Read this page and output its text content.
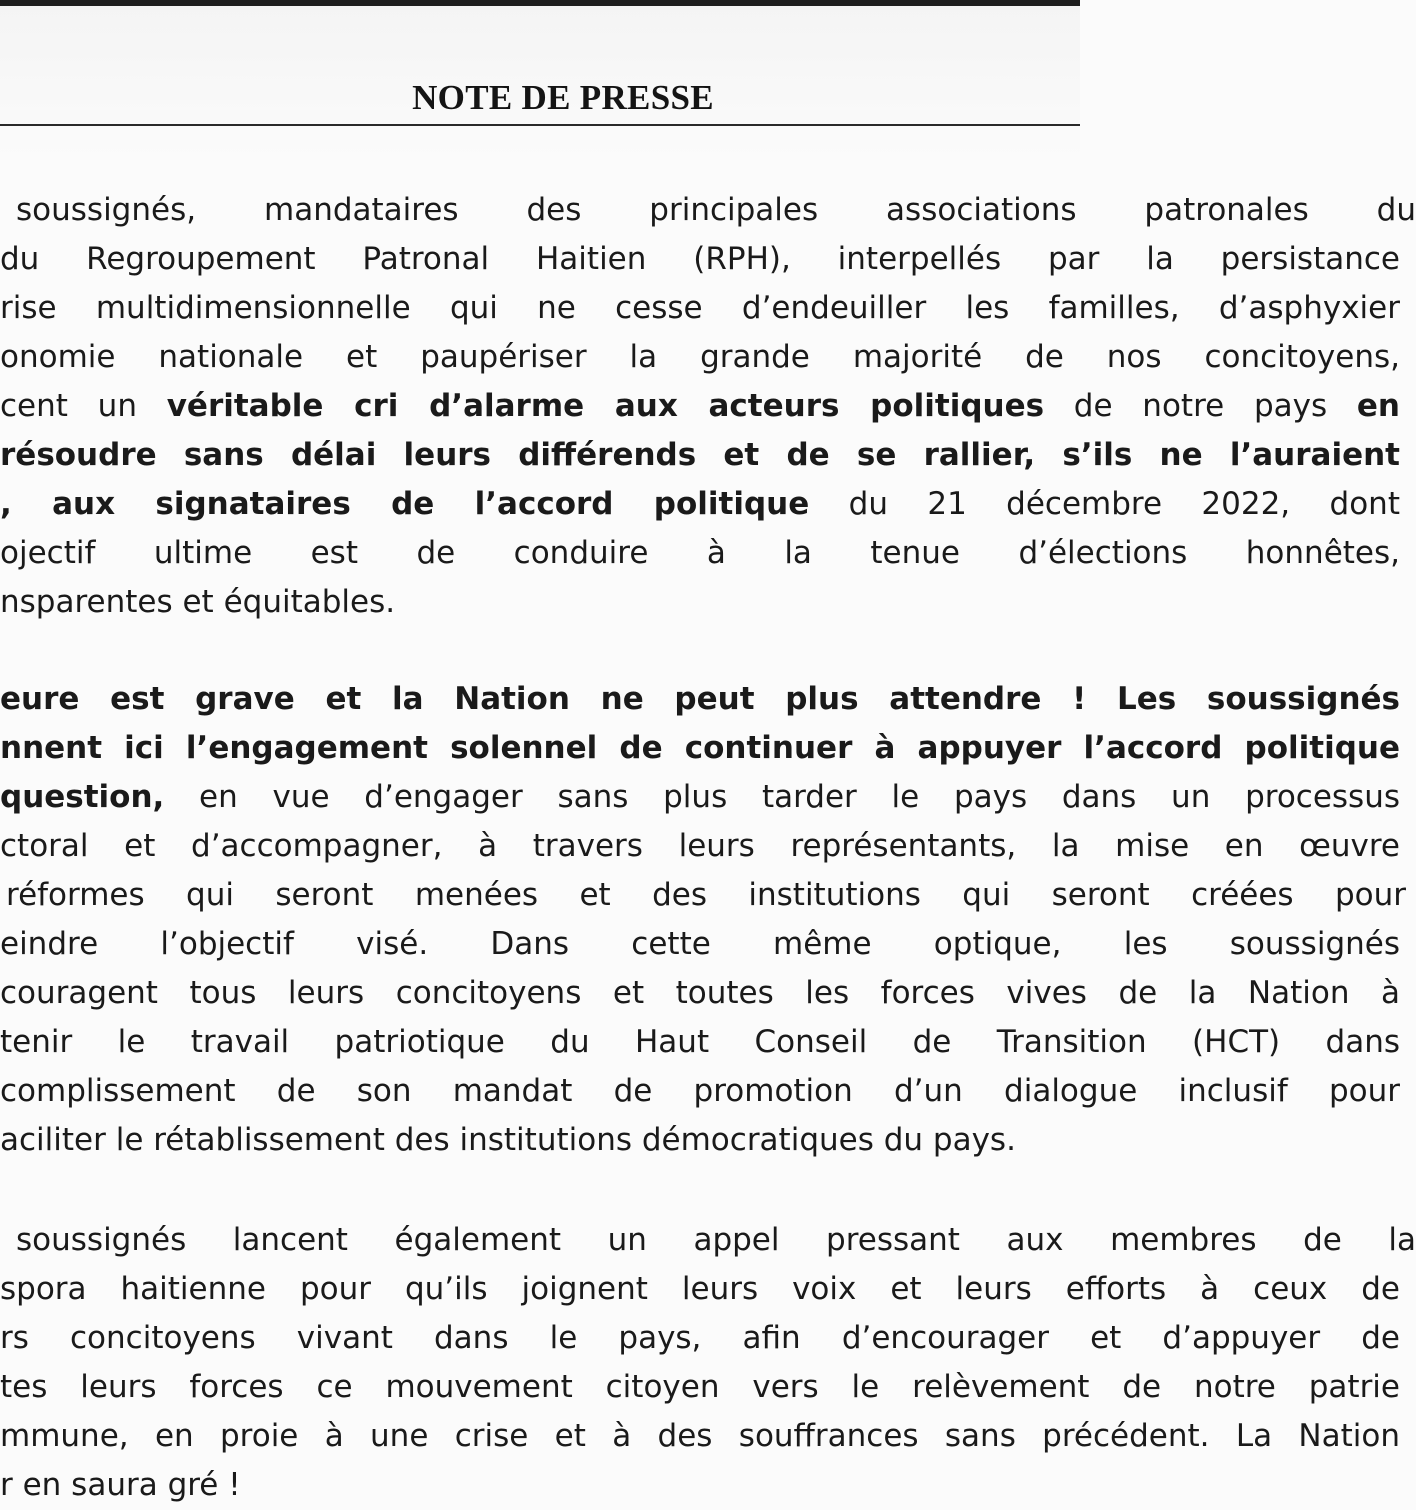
NOTE DE PRESSE
soussignés, mandataires des principales associations patronales du
du Regroupement Patronal Haitien (RPH), interpellés par la persistance
rise multidimensionnelle qui ne cesse d’endeuiller les familles, d’asphyxier
onomie nationale et paupériser la grande majorité de nos concitoyens,
cent un véritable cri d’alarme aux acteurs politiques de notre pays en
résoudre sans délai leurs différends et de se rallier, s’ils ne l’auraient
, aux signataires de l’accord politique du 21 décembre 2022, dont
ojectif ultime est de conduire à la tenue d’élections honnêtes,
nsparentes et équitables.
eure est grave et la Nation ne peut plus attendre ! Les soussignés
nnent ici l’engagement solennel de continuer à appuyer l’accord politique
question, en vue d’engager sans plus tarder le pays dans un processus
ctoral et d’accompagner, à travers leurs représentants, la mise en œuvre
réformes qui seront menées et des institutions qui seront créées pour
eindre l’objectif visé. Dans cette même optique, les soussignés
couragent tous leurs concitoyens et toutes les forces vives de la Nation à
tenir le travail patriotique du Haut Conseil de Transition (HCT) dans
complissement de son mandat de promotion d’un dialogue inclusif pour
aciliter le rétablissement des institutions démocratiques du pays.
soussignés lancent également un appel pressant aux membres de la
spora haitienne pour qu’ils joignent leurs voix et leurs efforts à ceux de
rs concitoyens vivant dans le pays, afin d’encourager et d’appuyer de
tes leurs forces ce mouvement citoyen vers le relèvement de notre patrie
mmune, en proie à une crise et à des souffrances sans précédent. La Nation
r en saura gré !
